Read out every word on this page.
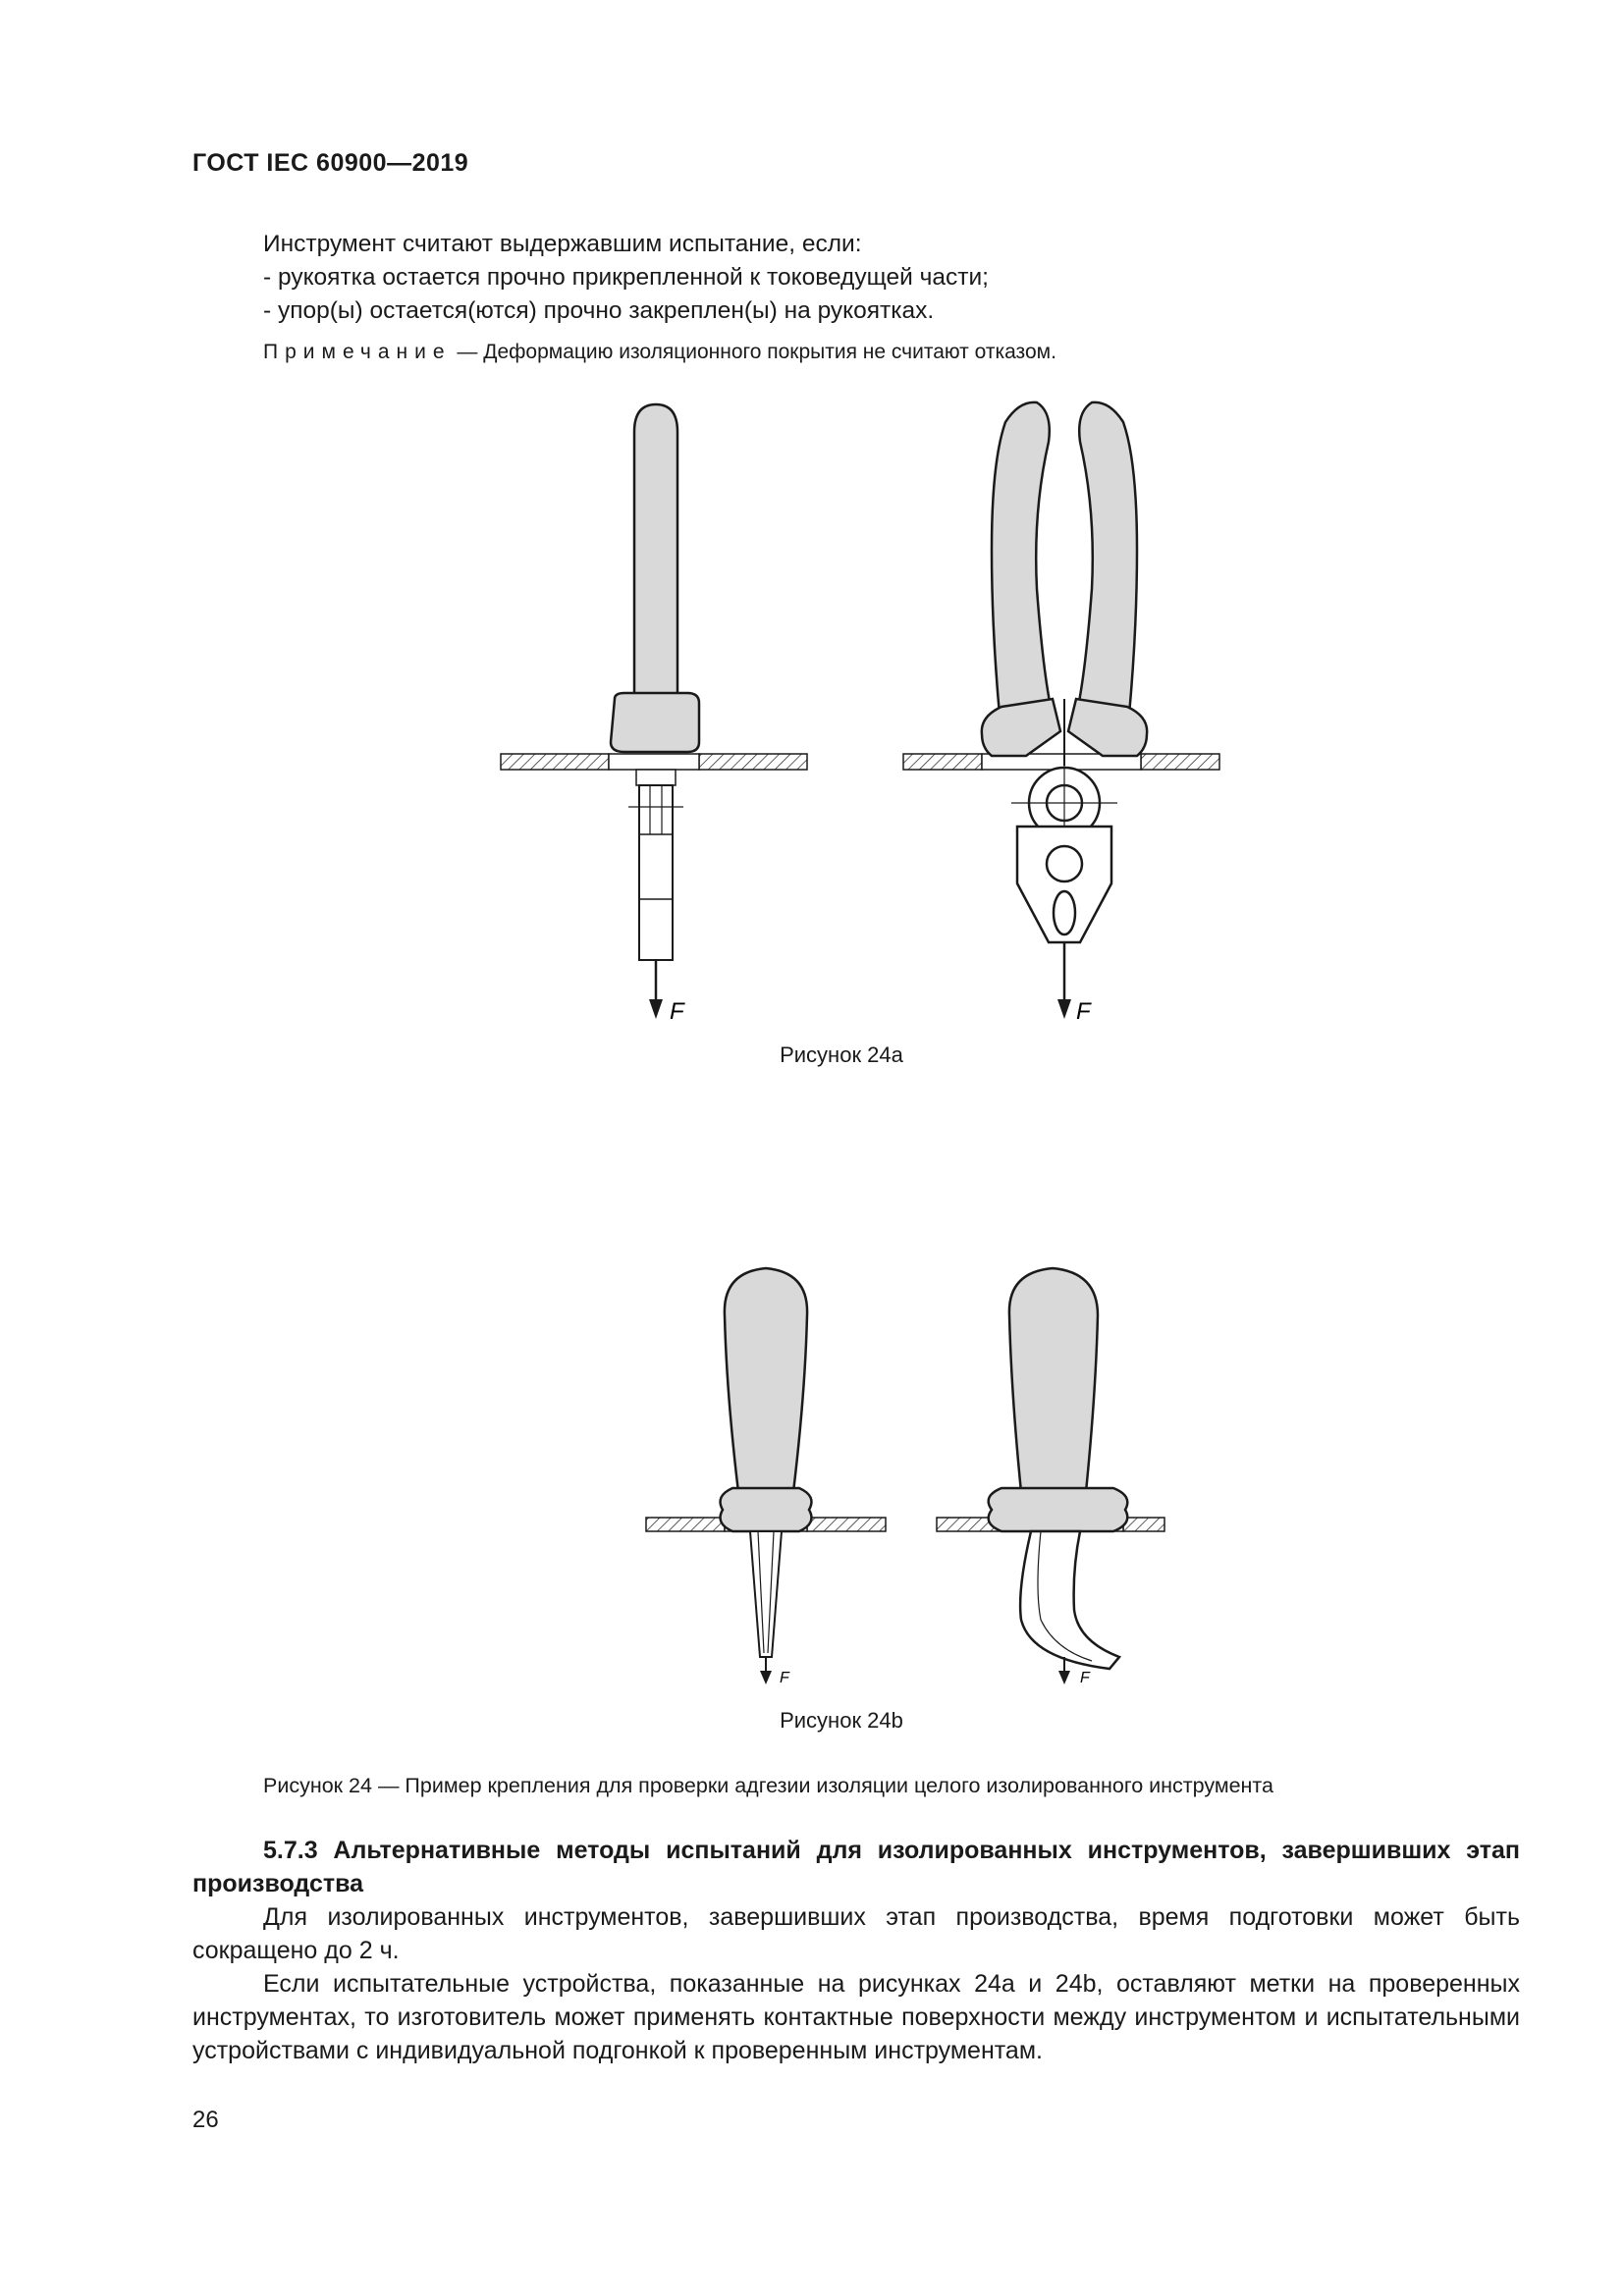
ГОСТ IEC 60900—2019
Инструмент считают выдержавшим испытание, если:
- рукоятка остается прочно прикрепленной к токоведущей части;
- упор(ы) остается(ются) прочно закреплен(ы) на рукоятках.
Примечание — Деформацию изоляционного покрытия не считают отказом.
F	F
F	F
Рисунок 24а
Рисунок 24b
Рисунок 24 — Пример крепления для проверки адгезии изоляции целого изолированного инструмента
5.7.3 Альтернативные методы испытаний для изолированных инструментов, завершивших этап производства

Для изолированных инструментов, завершивших этап производства, время подготовки может быть сокращено до 2 ч.

Если испытательные устройства, показанные на рисунках 24а и 24b, оставляют метки на проверенных инструментах, то изготовитель может применять контактные поверхности между инструментом и испытательными устройствами с индивидуальной подгонкой к проверенным инструментам.

26
